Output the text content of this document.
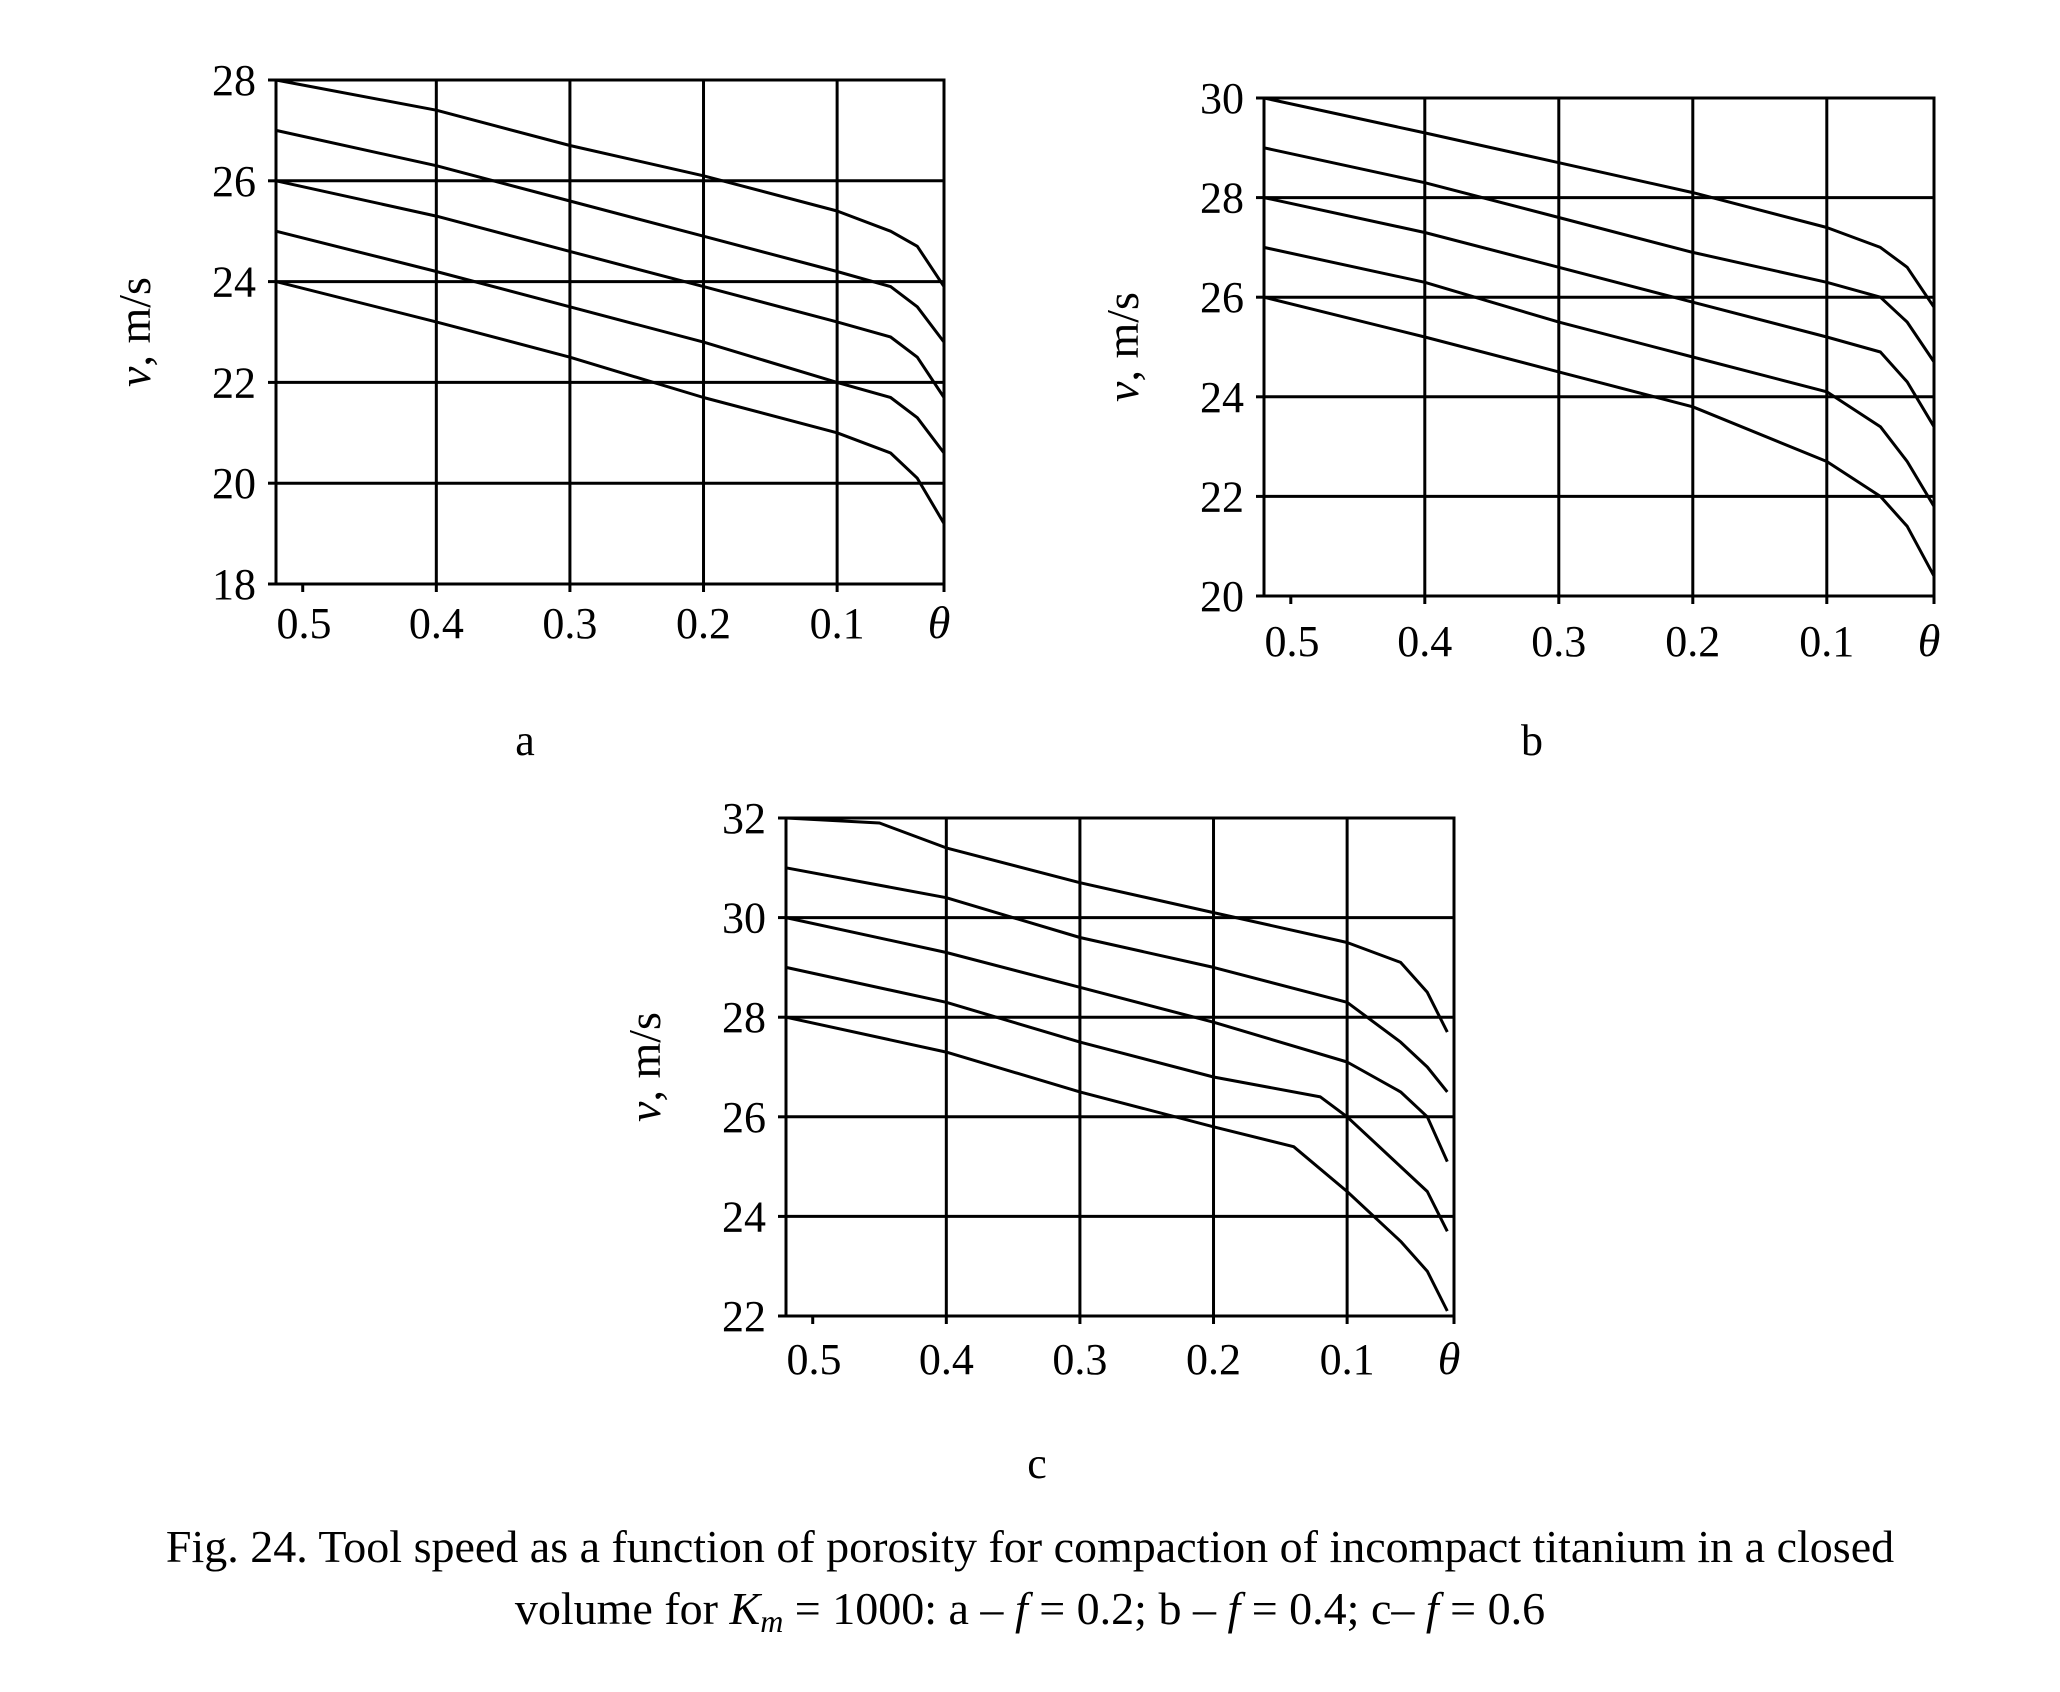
28
26
24
22
20
18
0.5 0.4 0.3 0.2 0.1 θ
v, m/s
a
30
28
26
24
22
20
0.5 0.4 0.3 0.2 0.1 θ
v, m/s
b
32
30
28
26
24
22
0.5 0.4 0.3 0.2 0.1 θ
v, m/s
c
Fig. 24. Tool speed as a function of porosity for compaction of incompact titanium in a closed
volume for Km = 1000: a – f = 0.2; b – f = 0.4; c– f = 0.6
